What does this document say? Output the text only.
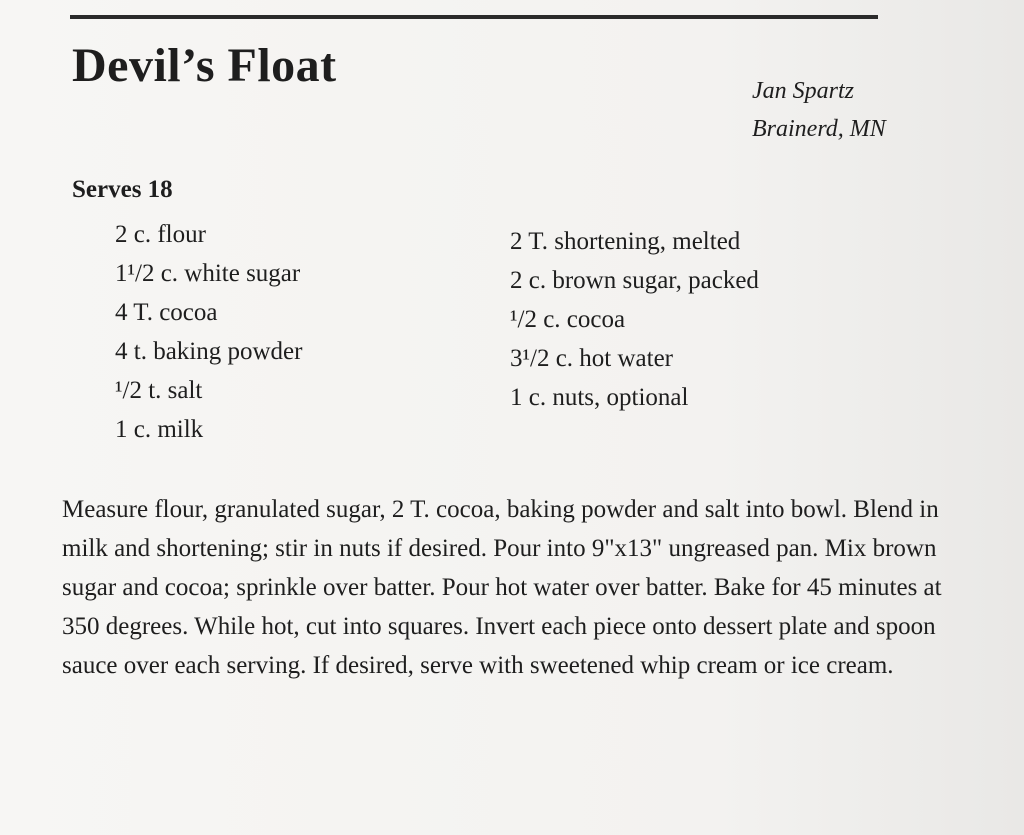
Devil’s Float	Jan Spartz
Brainerd, MN
Serves 18
2 c. flour
1¹/2 c. white sugar
4 T. cocoa
4 t. baking powder
¹/2 t. salt
1 c. milk
2 T. shortening, melted
2 c. brown sugar, packed
¹/2 c. cocoa
3¹/2 c. hot water
1 c. nuts, optional

Measure flour, granulated sugar, 2 T. cocoa, baking powder and salt into bowl. Blend in milk and shortening; stir in nuts if desired. Pour into 9"x13" ungreased pan. Mix brown sugar and cocoa; sprinkle over batter. Pour hot water over batter. Bake for 45 minutes at 350 degrees. While hot, cut into squares. Invert each piece onto dessert plate and spoon sauce over each serving. If desired, serve with sweetened whip cream or ice cream.
